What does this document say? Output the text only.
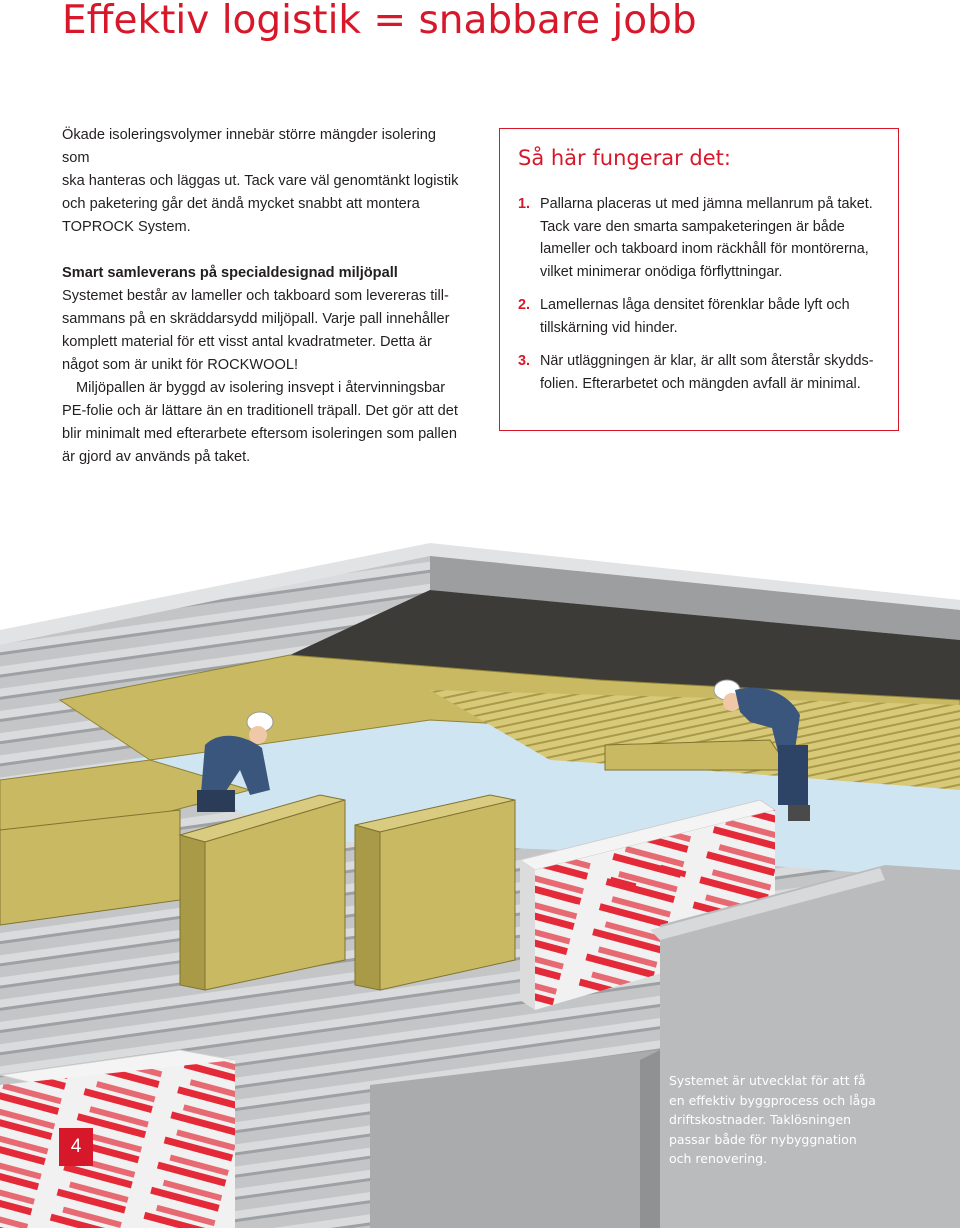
Effektiv logistik = snabbare jobb

Ökade isoleringsvolymer innebär större mängder isolering som
ska hanteras och läggas ut. Tack vare väl genomtänkt logistik
och paketering går det ändå mycket snabbt att montera
TOPROCK System.

Smart samleverans på specialdesignad miljöpall

Systemet består av lameller och takboard som levereras till-
sammans på en skräddarsydd miljöpall. Varje pall innehåller
komplett material för ett visst antal kvadratmeter. Detta är
något som är unikt för ROCKWOOL!

Miljöpallen är byggd av isolering insvept i återvinningsbar
PE-folie och är lättare än en traditionell träpall. Det gör att det
blir minimalt med efterarbete eftersom isoleringen som pallen
är gjord av används på taket.

Så här fungerar det:
1. Pallarna placeras ut med jämna mellanrum på taket.
Tack vare den smarta sampaketeringen är både
lameller och takboard inom räckhåll för montörerna,
vilket minimerar onödiga förflyttningar.
2. Lamellernas låga densitet förenklar både lyft och
tillskärning vid hinder.
3. När utläggningen är klar, är allt som återstår skydds-
folien. Efterarbetet och mängden avfall är minimal.
Systemet är utvecklat för att få
en effektiv byggprocess och låga
driftskostnader. Taklösningen
passar både för nybyggnation
och renovering.
4
